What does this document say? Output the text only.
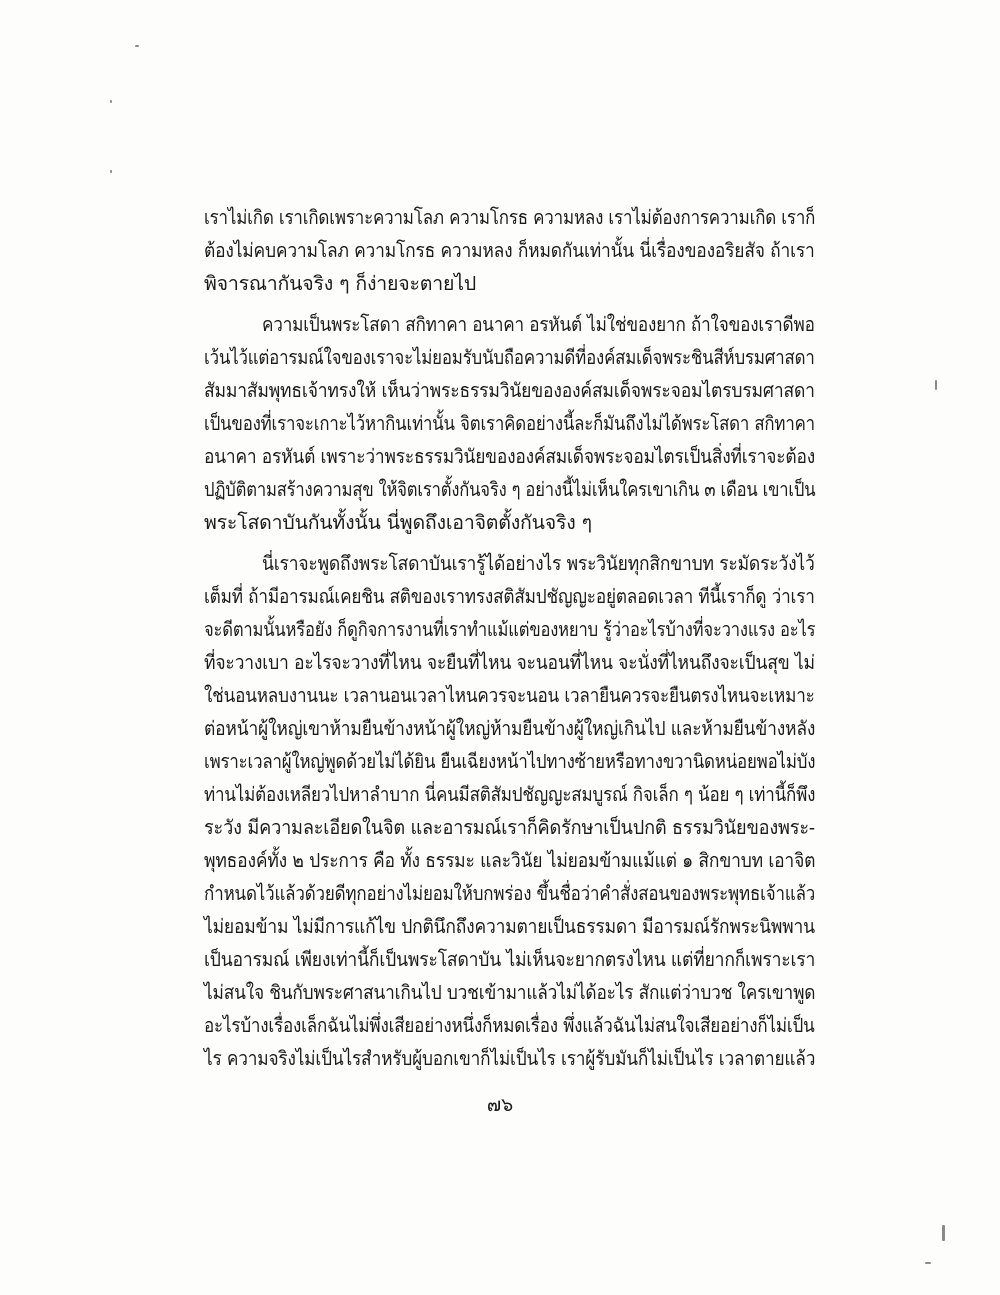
เราไม่เกิด เราเกิดเพราะความโลภ ความโกรธ ความหลง เราไม่ต้องการความเกิด เราก็
ต้องไม่คบความโลภ ความโกรธ ความหลง ก็หมดกันเท่านั้น นี่เรื่องของอริยสัจ ถ้าเรา
พิจารณากันจริง ๆ ก็ง่ายจะตายไป
ความเป็นพระโสดา สกิทาคา อนาคา อรหันต์ ไม่ใช่ของยาก ถ้าใจของเราดีพอ
เว้นไว้แต่อารมณ์ใจของเราจะไม่ยอมรับนับถือความดีที่องค์สมเด็จพระชินสีห์บรมศาสดา
สัมมาสัมพุทธเจ้าทรงให้ เห็นว่าพระธรรมวินัยขององค์สมเด็จพระจอมไตรบรมศาสดา
เป็นของที่เราจะเกาะไว้หากินเท่านั้น จิตเราคิดอย่างนี้ละก็มันถึงไม่ได้พระโสดา สกิทาคา
อนาคา อรหันต์ เพราะว่าพระธรรมวินัยขององค์สมเด็จพระจอมไตรเป็นสิ่งที่เราจะต้อง
ปฏิบัติตามสร้างความสุข ให้จิตเราตั้งกันจริง ๆ อย่างนี้ไม่เห็นใครเขาเกิน ๓ เดือน เขาเป็น
พระโสดาบันกันทั้งนั้น นี่พูดถึงเอาจิตตั้งกันจริง ๆ
นี่เราจะพูดถึงพระโสดาบันเรารู้ได้อย่างไร พระวินัยทุกสิกขาบท ระมัดระวังไว้
เต็มที่ ถ้ามีอารมณ์เคยชิน สติของเราทรงสติสัมปชัญญะอยู่ตลอดเวลา ทีนี้เราก็ดู ว่าเรา
จะดีตามนั้นหรือยัง ก็ดูกิจการงานที่เราทำแม้แต่ของหยาบ รู้ว่าอะไรบ้างที่จะวางแรง อะไร
ที่จะวางเบา อะไรจะวางที่ไหน จะยืนที่ไหน จะนอนที่ไหน จะนั่งที่ไหนถึงจะเป็นสุข ไม่
ใช่นอนหลบงานนะ เวลานอนเวลาไหนควรจะนอน เวลายืนควรจะยืนตรงไหนจะเหมาะ
ต่อหน้าผู้ใหญ่เขาห้ามยืนข้างหน้าผู้ใหญ่ห้ามยืนข้างผู้ใหญ่เกินไป และห้ามยืนข้างหลัง
เพราะเวลาผู้ใหญ่พูดด้วยไม่ได้ยิน ยืนเฉียงหน้าไปทางซ้ายหรือทางขวานิดหน่อยพอไม่บัง
ท่านไม่ต้องเหลียวไปหาลำบาก นี่คนมีสติสัมปชัญญะสมบูรณ์ กิจเล็ก ๆ น้อย ๆ เท่านี้ก็พึง
ระวัง มีความละเอียดในจิต และอารมณ์เราก็คิดรักษาเป็นปกติ ธรรมวินัยของพระ-
พุทธองค์ทั้ง ๒ ประการ คือ ทั้ง ธรรมะ และวินัย ไม่ยอมข้ามแม้แต่ ๑ สิกขาบท เอาจิต
กำหนดไว้แล้วด้วยดีทุกอย่างไม่ยอมให้บกพร่อง ขึ้นชื่อว่าคำสั่งสอนของพระพุทธเจ้าแล้ว
ไม่ยอมข้าม ไม่มีการแก้ไข ปกตินึกถึงความตายเป็นธรรมดา มีอารมณ์รักพระนิพพาน
เป็นอารมณ์ เพียงเท่านี้ก็เป็นพระโสดาบัน ไม่เห็นจะยากตรงไหน แต่ที่ยากก็เพราะเรา
ไม่สนใจ ชินกับพระศาสนาเกินไป บวชเข้ามาแล้วไม่ได้อะไร สักแต่ว่าบวช ใครเขาพูด
อะไรบ้างเรื่องเล็กฉันไม่พึ่งเสียอย่างหนึ่งก็หมดเรื่อง พึ่งแล้วฉันไม่สนใจเสียอย่างก็ไม่เป็น
ไร ความจริงไม่เป็นไรสำหรับผู้บอกเขาก็ไม่เป็นไร เราผู้รับมันก็ไม่เป็นไร เวลาตายแล้ว
๗๖
